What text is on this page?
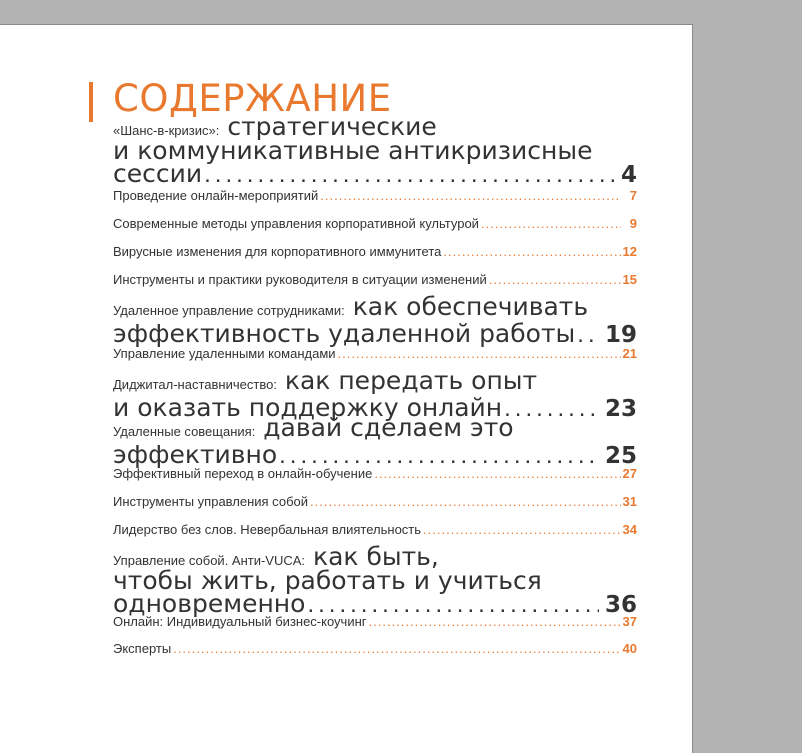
СОДЕРЖАНИЕ
«Шанс-в-кризис»: стратегические
и коммуникативные антикризисные
сессии .....	4
Проведение онлайн-мероприятий .....	7
Современные методы управления корпоративной культурой .....	9
Вирусные изменения для корпоративного иммунитета .....	12
Инструменты и практики руководителя в ситуации изменений .....	15
Удаленное управление сотрудниками: как обеспечивать
эффективность удаленной работы ..... 19
Управление удаленными командами .....	21
Диджитал-наставничество: как передать опыт
и оказать поддержку онлайн .....	23
Удаленные совещания: давай сделаем это
эффективно .....	25
Эффективный переход в онлайн-обучение .....	27
Инструменты управления собой .....	31
Лидерство без слов. Невербальная влиятельность .....	34
Управление собой. Анти-VUCA: как быть,
чтобы жить, работать и учиться
одновременно .....	36
Онлайн: Индивидуальный бизнес-коучинг .....	37
Эксперты .....	40
